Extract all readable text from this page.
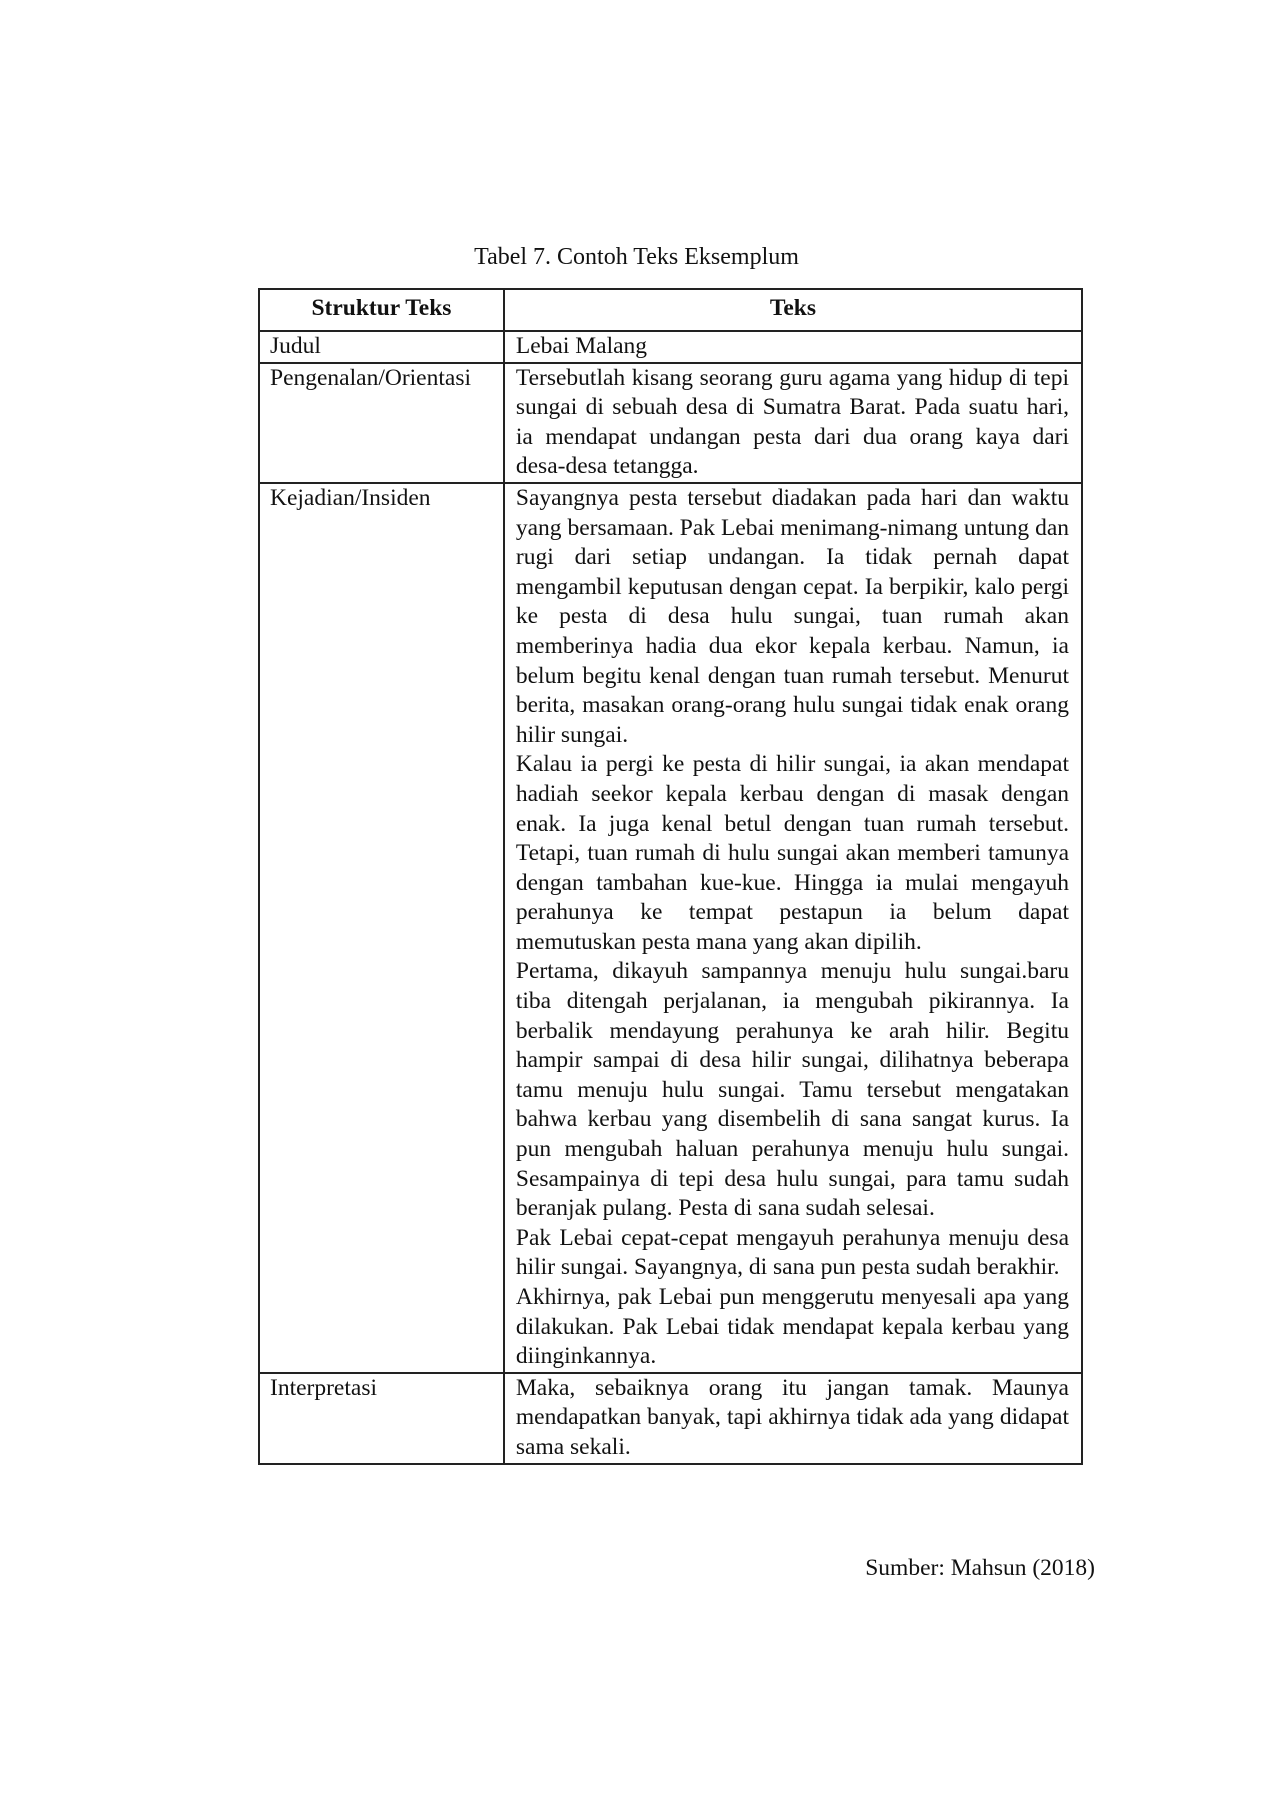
Tabel 7. Contoh Teks Eksemplum
Struktur Teks	Teks
Judul	Lebai Malang

Pengenalan/Orientasi	Tersebutlah kisang seorang guru agama yang hidup di tepi sungai di sebuah desa di Sumatra Barat. Pada suatu hari, ia mendapat undangan pesta dari dua orang kaya dari desa-desa tetangga.

Kejadian/Insiden	Sayangnya pesta tersebut diadakan pada hari dan waktu yang bersamaan. Pak Lebai menimang-nimang untung dan rugi dari setiap undangan. Ia tidak pernah dapat mengambil keputusan dengan cepat. Ia berpikir, kalo pergi ke pesta di desa hulu sungai, tuan rumah akan memberinya hadia dua ekor kepala kerbau. Namun, ia belum begitu kenal dengan tuan rumah tersebut. Menurut berita, masakan orang-orang hulu sungai tidak enak orang hilir sungai.

Kalau ia pergi ke pesta di hilir sungai, ia akan mendapat hadiah seekor kepala kerbau dengan di masak dengan enak. Ia juga kenal betul dengan tuan rumah tersebut. Tetapi, tuan rumah di hulu sungai akan memberi tamunya dengan tambahan kue-kue. Hingga ia mulai mengayuh perahunya ke tempat pestapun ia belum dapat memutuskan pesta mana yang akan dipilih.

Pertama, dikayuh sampannya menuju hulu sungai.baru tiba ditengah perjalanan, ia mengubah pikirannya. Ia berbalik mendayung perahunya ke arah hilir. Begitu hampir sampai di desa hilir sungai, dilihatnya beberapa tamu menuju hulu sungai. Tamu tersebut mengatakan bahwa kerbau yang disembelih di sana sangat kurus. Ia pun mengubah haluan perahunya menuju hulu sungai. Sesampainya di tepi desa hulu sungai, para tamu sudah beranjak pulang. Pesta di sana sudah selesai.

Pak Lebai cepat-cepat mengayuh perahunya menuju desa hilir sungai. Sayangnya, di sana pun pesta sudah berakhir.

Akhirnya, pak Lebai pun menggerutu menyesali apa yang dilakukan. Pak Lebai tidak mendapat kepala kerbau yang diinginkannya.

Interpretasi	Maka, sebaiknya orang itu jangan tamak. Maunya mendapatkan banyak, tapi akhirnya tidak ada yang didapat sama sekali.

Sumber: Mahsun (2018)
